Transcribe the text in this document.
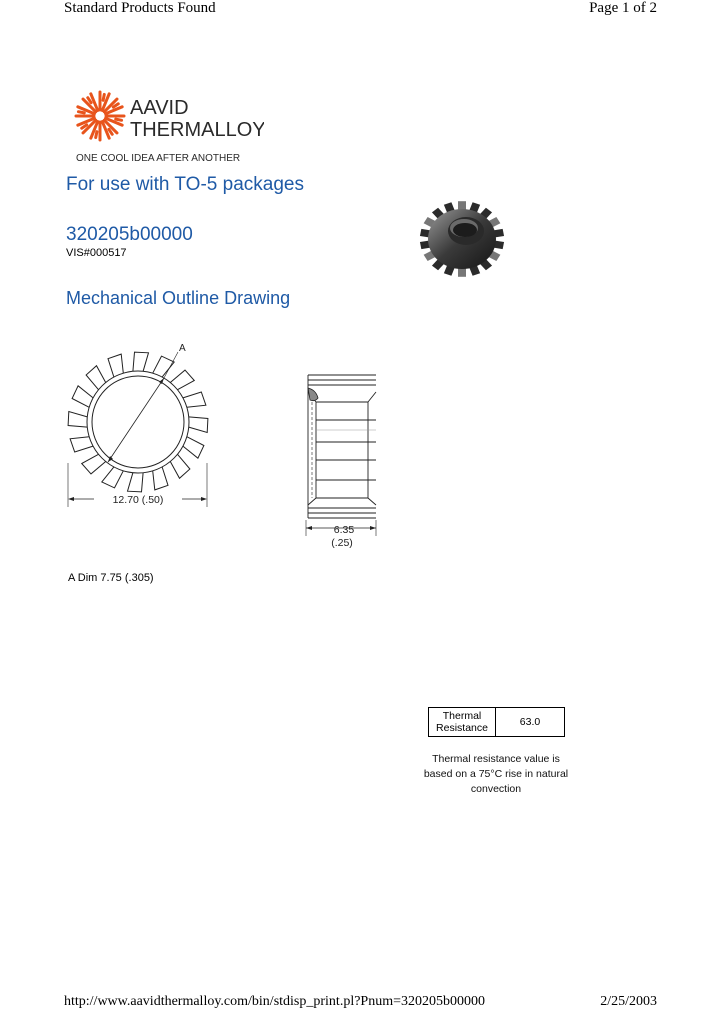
Standard Products Found	Page 1 of 2
AAVID
THERMALLOY
ONE COOL IDEA AFTER ANOTHER
For use with TO-5 packages
320205b00000
VIS#000517
Mechanical Outline Drawing
A
12.70 (.50)
6.35
(.25)
A Dim 7.75 (.305)
Thermal
Resistance	63.0
Thermal resistance value is
based on a 75°C rise in natural
convection
http://www.aavidthermalloy.com/bin/stdisp_print.pl?Pnum=320205b00000	2/25/2003
